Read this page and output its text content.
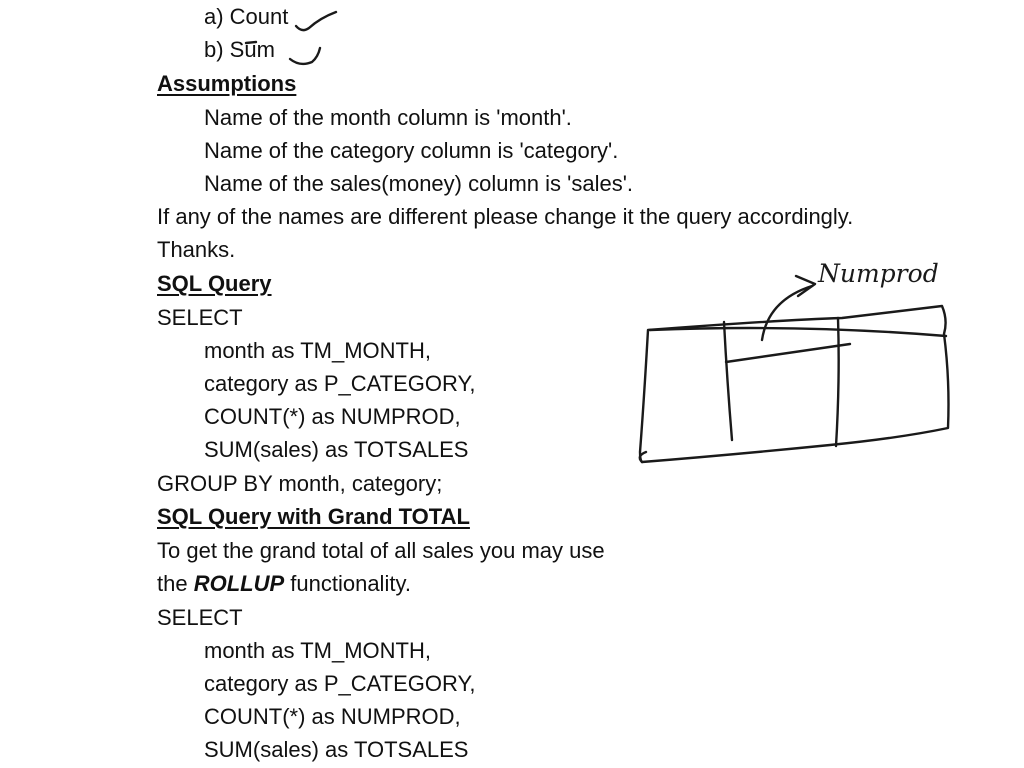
a) Count
b) Sum
Assumptions
Name of the month column is 'month'.
Name of the category column is 'category'.
Name of the sales(money) column is 'sales'.
If any of the names are different please change it the query accordingly.
Thanks.
SQL Query
SELECT
month as TM_MONTH,
category as P_CATEGORY,
COUNT(*) as NUMPROD,
SUM(sales) as TOTSALES
GROUP BY month, category;
SQL Query with Grand TOTAL
To get the grand total of all sales you may use
the ROLLUP functionality.
SELECT
month as TM_MONTH,
category as P_CATEGORY,
COUNT(*) as NUMPROD,
SUM(sales) as TOTSALES
Numprod
